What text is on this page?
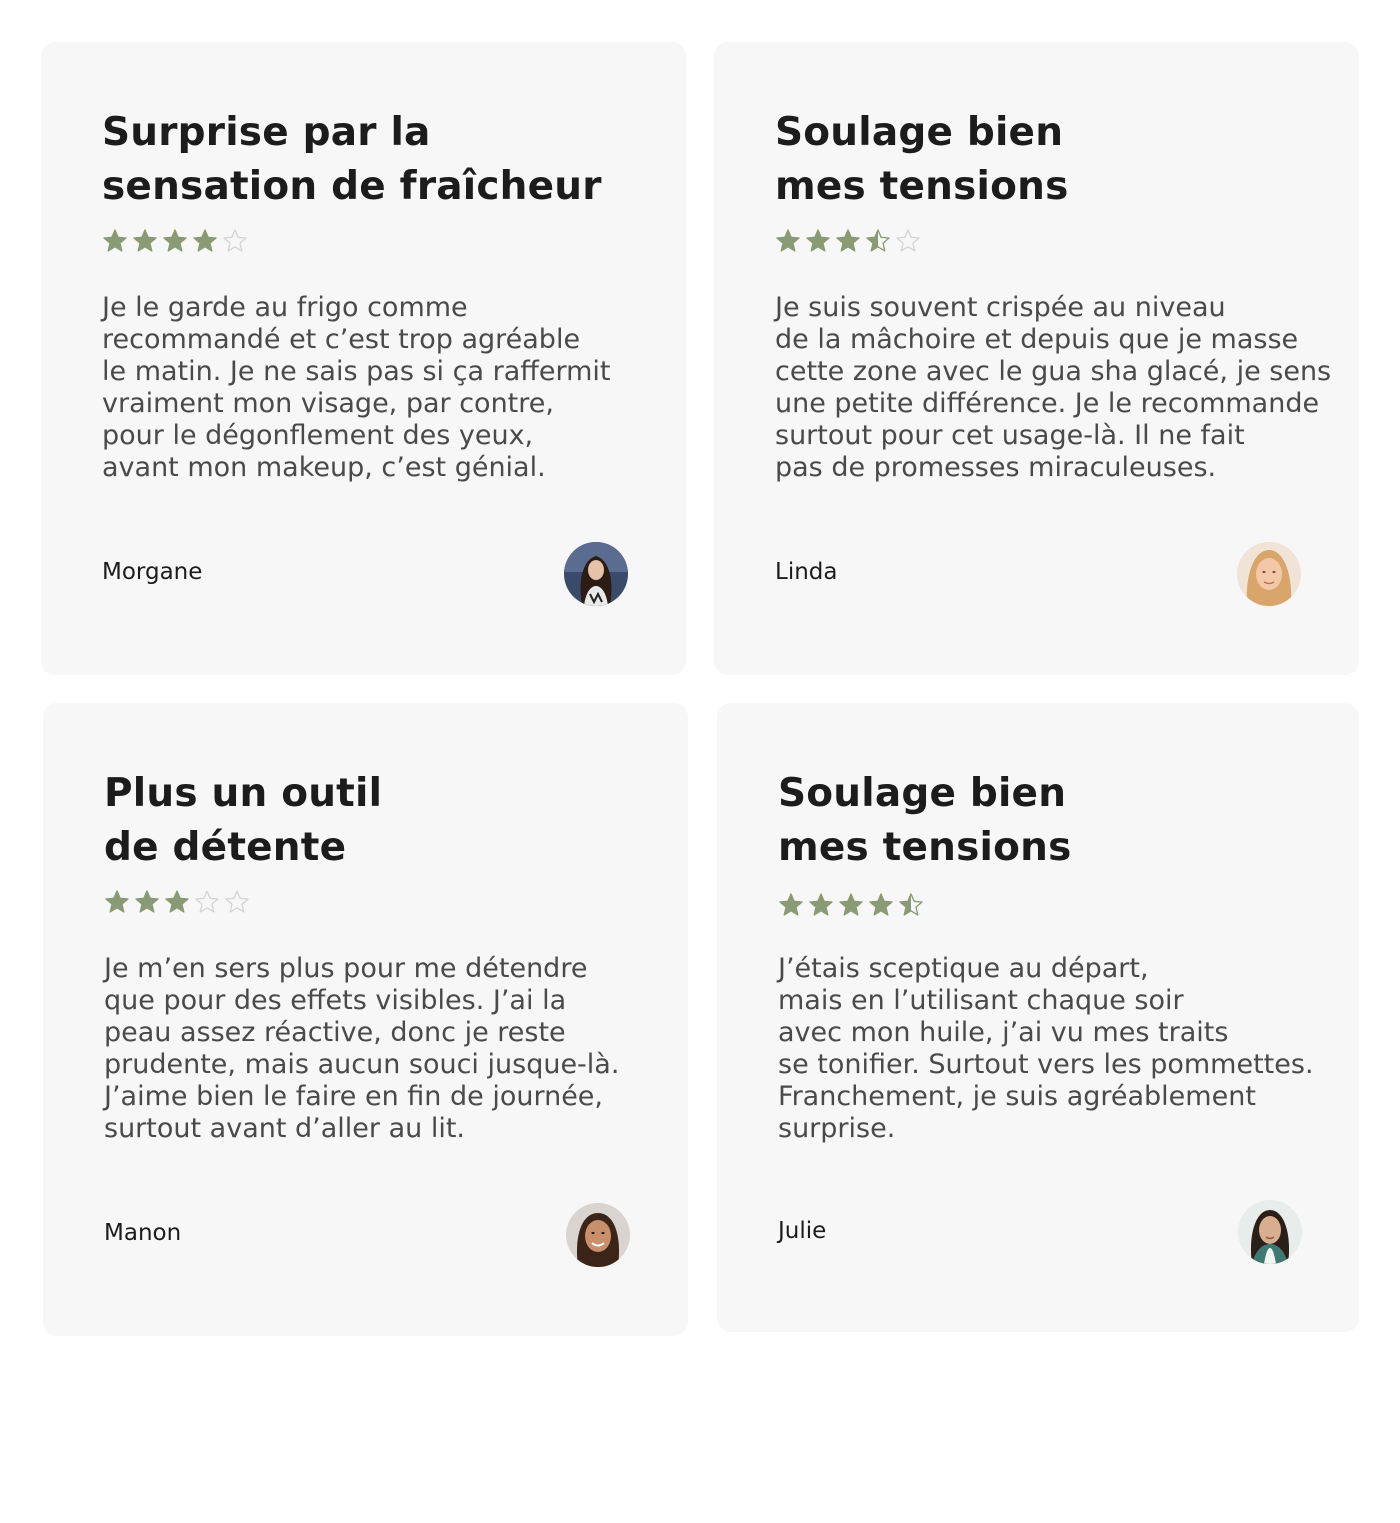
Surprise par la
sensation de fraîcheur

Je le garde au frigo comme
recommandé et c’est trop agréable
le matin. Je ne sais pas si ça raffermit
vraiment mon visage, par contre,
pour le dégonflement des yeux,
avant mon makeup, c’est génial.

Morgane
Soulage bien
mes tensions

Je suis souvent crispée au niveau
de la mâchoire et depuis que je masse
cette zone avec le gua sha glacé, je sens
une petite différence. Je le recommande
surtout pour cet usage-là. Il ne fait
pas de promesses miraculeuses.

Linda
Plus un outil
de détente

Je m’en sers plus pour me détendre
que pour des effets visibles. J’ai la
peau assez réactive, donc je reste
prudente, mais aucun souci jusque-là.
J’aime bien le faire en fin de journée,
surtout avant d’aller au lit.

Manon
Soulage bien
mes tensions

J’étais sceptique au départ,
mais en l’utilisant chaque soir
avec mon huile, j’ai vu mes traits
se tonifier. Surtout vers les pommettes.
Franchement, je suis agréablement
surprise.

Julie
